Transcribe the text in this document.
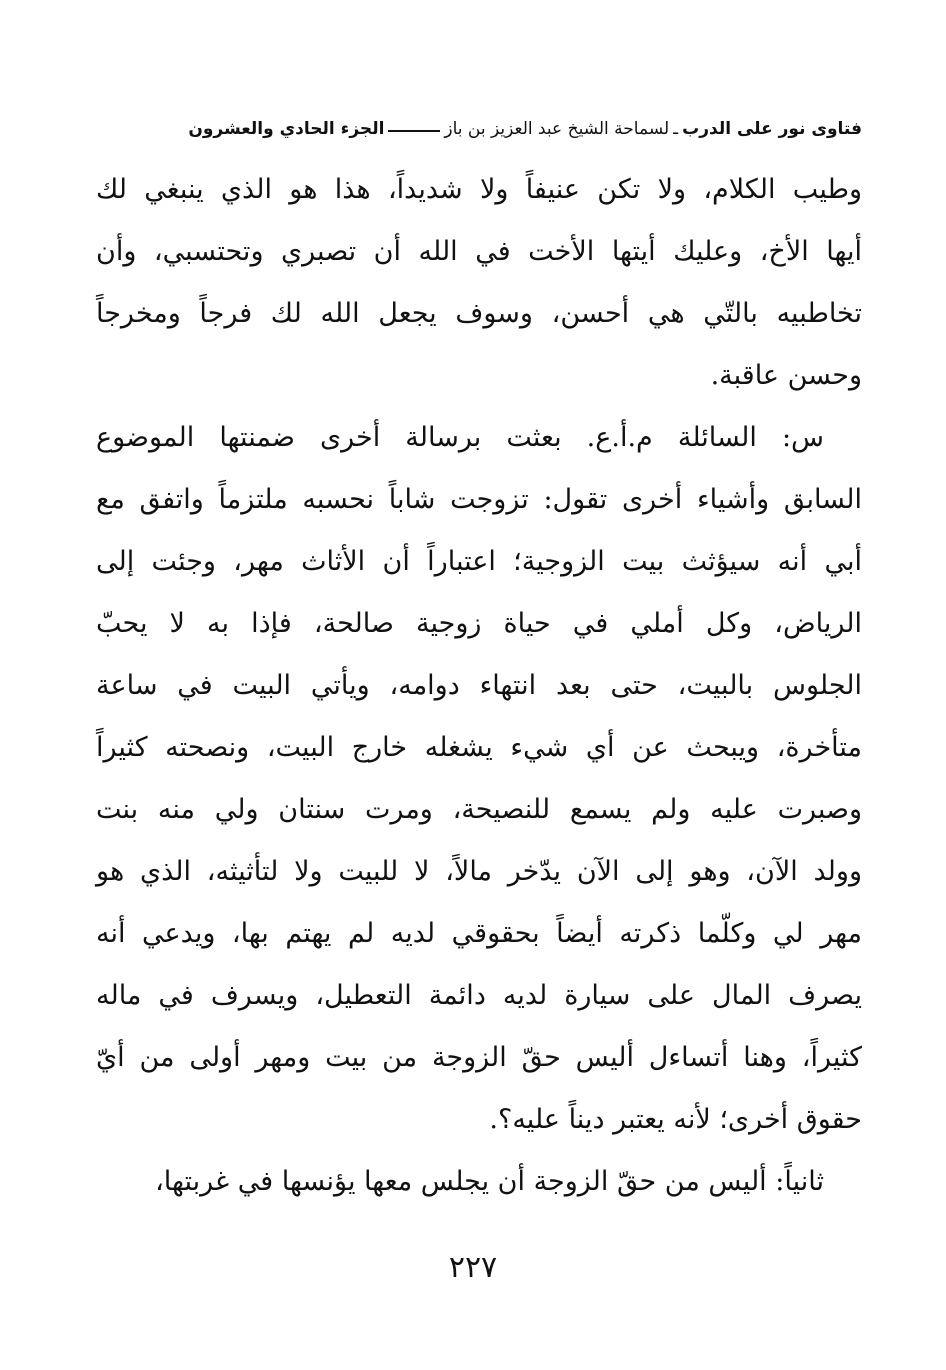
فتاوى نور على الدرب
ـ
لسماحة الشيخ عبد العزيز بن باز
الجزء الحادي والعشرون
وطيب الكلام، ولا تكن عنيفاً ولا شديداً، هذا هو الذي ينبغي لك
أيها الأخ، وعليك أيتها الأخت في الله أن تصبري وتحتسبي، وأن
تخاطبيه بالتّي هي أحسن، وسوف يجعل الله لك فرجاً ومخرجاً
وحسن عاقبة.
س: السائلة م.أ.ع. بعثت برسالة أخرى ضمنتها الموضوع
السابق وأشياء أخرى تقول: تزوجت شاباً نحسبه ملتزماً واتفق مع
أبي أنه سيؤثث بيت الزوجية؛ اعتباراً أن الأثاث مهر، وجئت إلى
الرياض، وكل أملي في حياة زوجية صالحة، فإذا به لا يحبّ
الجلوس بالبيت، حتى بعد انتهاء دوامه، ويأتي البيت في ساعة
متأخرة، ويبحث عن أي شيء يشغله خارج البيت، ونصحته كثيراً
وصبرت عليه ولم يسمع للنصيحة، ومرت سنتان ولي منه بنت
وولد الآن، وهو إلى الآن يدّخر مالاً، لا للبيت ولا لتأثيثه، الذي هو
مهر لي وكلّما ذكرته أيضاً بحقوقي لديه لم يهتم بها، ويدعي أنه
يصرف المال على سيارة لديه دائمة التعطيل، ويسرف في ماله
كثيراً، وهنا أتساءل أليس حقّ الزوجة من بيت ومهر أولى من أيّ
حقوق أخرى؛ لأنه يعتبر ديناً عليه؟.
ثانياً: أليس من حقّ الزوجة أن يجلس معها يؤنسها في غربتها،
٢٢٧
